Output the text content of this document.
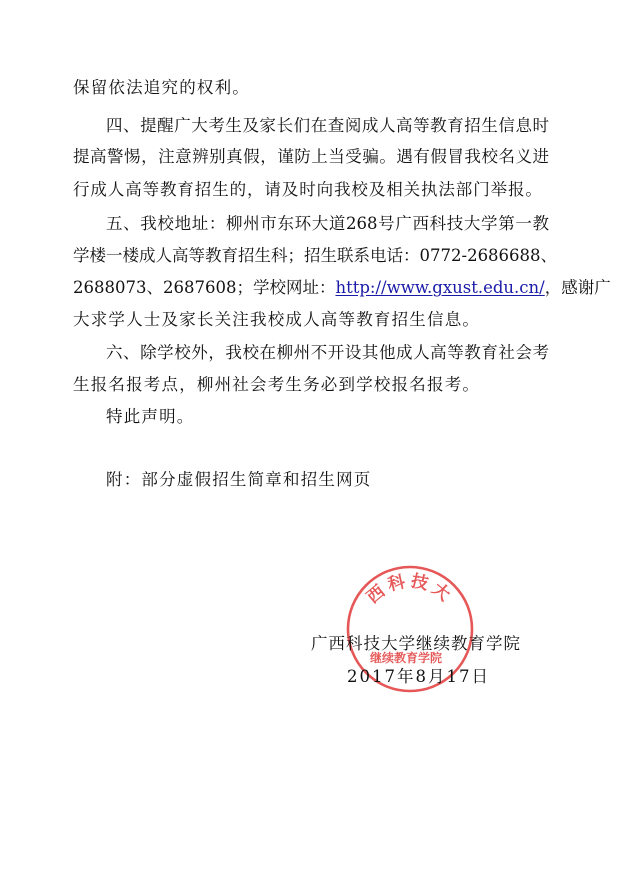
保留依法追究的权利。
四、提醒广大考生及家长们在查阅成人高等教育招生信息时
提高警惕，注意辨别真假，谨防上当受骗。遇有假冒我校名义进
行成人高等教育招生的，请及时向我校及相关执法部门举报。
五、我校地址：柳州市东环大道268号广西科技大学第一教
学楼一楼成人高等教育招生科；招生联系电话：0772-2686688、
2688073、2687608；学校网址：http://www.gxust.edu.cn/，感谢广
大求学人士及家长关注我校成人高等教育招生信息。
六、除学校外，我校在柳州不开设其他成人高等教育社会考
生报名报考点，柳州社会考生务必到学校报名报考。
特此声明。
附：部分虚假招生简章和招生网页
西科技大
继续教育学院
广西科技大学继续教育学院
2017年8月17日
